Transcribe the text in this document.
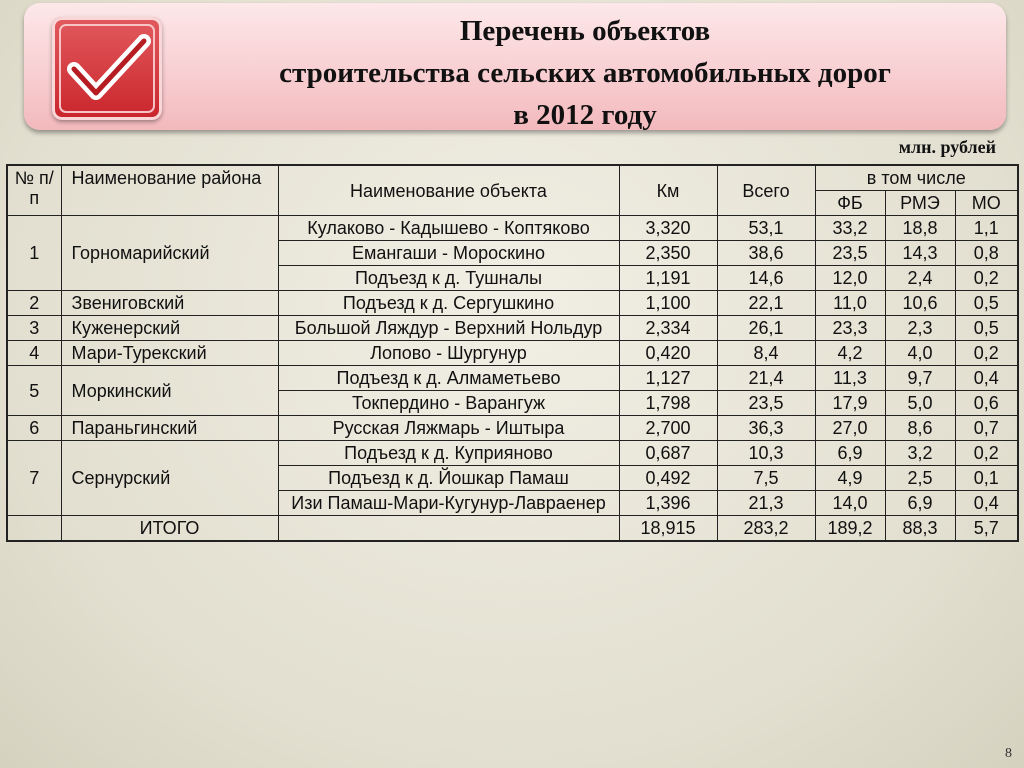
Перечень объектов
строительства сельских автомобильных дорог
в 2012 году
млн. рублей
№ п/п	Наименование района	Наименование объекта	Км	Всего	в том числе		
					ФБ	РМЭ	МО
1	Горномарийский	Кулаково - Кадышево - Коптяково	3,320	53,1	33,2	18,8	1,1
		Емангаши - Мороскино	2,350	38,6	23,5	14,3	0,8
		Подъезд к д. Тушналы	1,191	14,6	12,0	2,4	0,2
2	Звениговский	Подъезд к д. Сергушкино	1,100	22,1	11,0	10,6	0,5
3	Куженерский	Большой Ляждур - Верхний Нольдур	2,334	26,1	23,3	2,3	0,5
4	Мари-Турекский	Лопово - Шургунур	0,420	8,4	4,2	4,0	0,2
5	Моркинский	Подъезд к д. Алмаметьево	1,127	21,4	11,3	9,7	0,4
		Токпердино - Варангуж	1,798	23,5	17,9	5,0	0,6
6	Параньгинский	Русская Ляжмарь - Иштыра	2,700	36,3	27,0	8,6	0,7
7	Сернурский	Подъезд к д. Куприяново	0,687	10,3	6,9	3,2	0,2
		Подъезд к д. Йошкар Памаш	0,492	7,5	4,9	2,5	0,1
		Изи Памаш-Мари-Кугунур-Лавраенер	1,396	21,3	14,0	6,9	0,4
	ИТОГО		18,915	283,2	189,2	88,3	5,7
8
